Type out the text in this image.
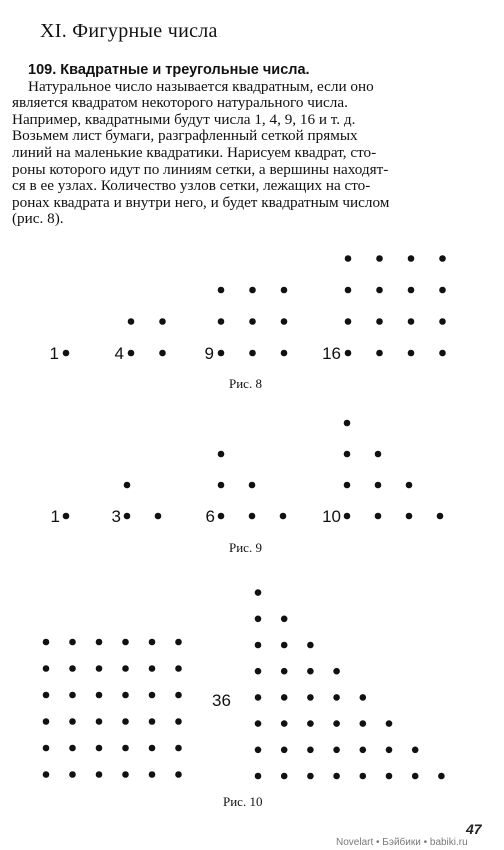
XI. Фигурные числа

109. Квадратные и треугольные числа.
Натуральное число называется квадратным, если оно
является квадратом некоторого натурального числа.
Например, квадратными будут числа 1, 4, 9, 16 и т. д.
Возьмем лист бумаги, разграфленный сеткой прямых
линий на маленькие квадратики. Нарисуем квадрат, сто-
роны которого идут по линиям сетки, а вершины находят-
ся в ее узлах. Количество узлов сетки, лежащих на сто-
ронах квадрата и внутри него, и будет квадратным числом
(рис. 8).

1	4	9	16
Рис. 8
1	3	6	10
Рис. 9
36
Рис. 10
47
Novelart • Бэйбики • babiki.ru
